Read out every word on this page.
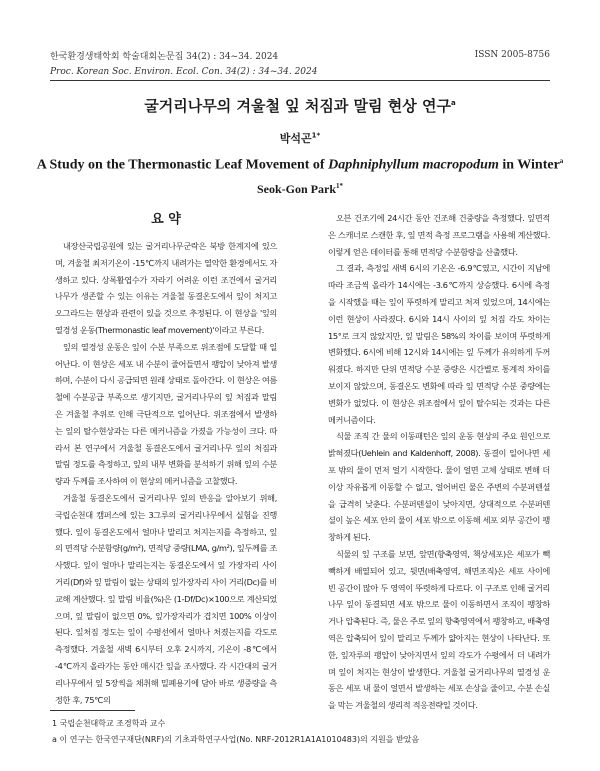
한국환경생태학회 학술대회논문집 34(2) : 34~34. 2024
Proc. Korean Soc. Environ. Ecol. Con. 34(2) : 34~34. 2024
ISSN 2005-8756
굴거리나무의 겨울철 잎 처짐과 말림 현상 연구$^a$
박석곤$^{1*}$
A Study on the Thermonastic Leaf Movement of Daphniphyllum macropodum in Winter$^a$
Seok-Gon Park$^{1*}$
요 약

내장산국립공원에 있는 굴거리나무군락은 북방 한계지에 있으며, 겨울철 최저기온이 -15℃까지 내려가는 열악한 환경에서도 자생하고 있다. 상록활엽수가 자라기 어려운 이런 조건에서 굴거리나무가 생존할 수 있는 이유는 겨울철 동결온도에서 잎이 처지고 오그라드는 현상과 관련이 있을 것으로 추정된다. 이 현상을 '잎의 열경성 운동(Thermonastic leaf movement)'이라고 부른다.

잎의 열경성 운동은 잎이 수분 부족으로 위조점에 도달할 때 일어난다. 이 현상은 세포 내 수분이 줄어들면서 팽압이 낮아져 발생하며, 수분이 다시 공급되면 원래 상태로 돌아간다. 이 현상은 여름철에 수분공급 부족으로 생기지만, 굴거리나무의 잎 처짐과 말림은 겨울철 추위로 인해 극단적으로 일어난다. 위조점에서 발생하는 잎의 탈수현상과는 다른 메커니즘을 가졌을 가능성이 크다. 따라서 본 연구에서 겨울철 동결온도에서 굴거리나무 잎의 처짐과 말림 정도를 측정하고, 잎의 내부 변화를 분석하기 위해 잎의 수분량과 두께를 조사하여 이 현상의 메커니즘을 고찰했다.

겨울철 동결온도에서 굴거리나무 잎의 반응을 알아보기 위해, 국립순천대 캠퍼스에 있는 3그루의 굴거리나무에서 실험을 진행했다. 잎이 동결온도에서 얼마나 말리고 처지는지를 측정하고, 잎의 면적당 수분함량(g/m²), 면적당 중량(LMA, g/m²), 잎두께를 조사했다. 잎이 얼마나 말리는지는 동결온도에서 잎 가장자리 사이 거리(Df)와 잎 말림이 없는 상태의 잎가장자리 사이 거리(Dc)를 비교해 계산했다. 잎 말림 비율(%)은 (1-Df/Dc)×100으로 계산되었으며, 잎 말림이 없으면 0%, 잎가장자리가 겹치면 100% 이상이 된다. 잎처짐 정도는 잎이 수평선에서 얼마나 처졌는지를 각도로 측정했다. 겨울철 새벽 6시부터 오후 2시까지, 기온이 -8℃에서 -4℃까지 올라가는 동안 매시간 잎을 조사했다. 각 시간대의 굴거리나무에서 잎 5장씩을 채취해 밀폐용기에 담아 바로 생중량을 측정한 후, 75℃의

오븐 건조기에 24시간 동안 건조해 건중량을 측정했다. 잎면적은 스캐너로 스캔한 후, 잎 면적 측정 프로그램을 사용해 계산했다. 이렇게 얻은 데이터를 통해 면적당 수분함량을 산출했다.

그 결과, 측정일 새벽 6시의 기온은 -6.9℃였고, 시간이 지남에 따라 조금씩 올라가 14시에는 -3.6℃까지 상승했다. 6시에 측정을 시작했을 때는 잎이 뚜렷하게 말리고 처져 있었으며, 14시에는 이런 현상이 사라졌다. 6시와 14시 사이의 잎 처짐 각도 차이는 15°로 크지 않았지만, 잎 말림은 58%의 차이를 보이며 뚜렷하게 변화했다. 6시에 비해 12시와 14시에는 잎 두께가 유의하게 두꺼워졌다. 하지만 단위 면적당 수분 중량은 시간별로 통계적 차이를 보이지 않았으며, 동결온도 변화에 따라 잎 면적당 수분 중량에는 변화가 없었다. 이 현상은 위조점에서 잎이 탈수되는 것과는 다른 메커니즘이다.

식물 조직 간 물의 이동패턴은 잎의 운동 현상의 주요 원인으로 밝혀졌다(Uehlein and Kaldenhoff, 2008). 동결이 일어나면 세포 밖의 물이 먼저 얼기 시작한다. 물이 얼면 고체 상태로 변해 더 이상 자유롭게 이동할 수 없고, 얼어버린 물은 주변의 수분퍼텐셜을 급격히 낮춘다. 수분퍼텐셜이 낮아지면, 상대적으로 수분퍼텐셜이 높은 세포 안의 물이 세포 밖으로 이동해 세포 외부 공간이 팽창하게 된다.

식물의 잎 구조를 보면, 앞면(향축영역, 책상세포)은 세포가 빽빽하게 배열되어 있고, 뒷면(배축영역, 해면조직)은 세포 사이에 빈 공간이 많아 두 영역이 뚜렷하게 다르다. 이 구조로 인해 굴거리나무 잎이 동결되면 세포 밖으로 물이 이동하면서 조직이 팽창하거나 압축된다. 즉, 물은 주로 잎의 향축영역에서 팽창하고, 배축영역은 압축되어 잎이 말리고 두께가 얇아지는 현상이 나타난다. 또한, 잎자루의 팽압이 낮아지면서 잎의 각도가 수평에서 더 내려가며 잎이 처지는 현상이 발생한다. 겨울철 굴거리나무의 열경성 운동은 세포 내 물이 얼면서 발생하는 세포 손상을 줄이고, 수분 손실을 막는 겨울철의 생리적 적응전략일 것이다.

1 국립순천대학교 조경학과 교수
a 이 연구는 한국연구재단(NRF)의 기초과학연구사업(No. NRF-2012R1A1A1010483)의 지원을 받았음
